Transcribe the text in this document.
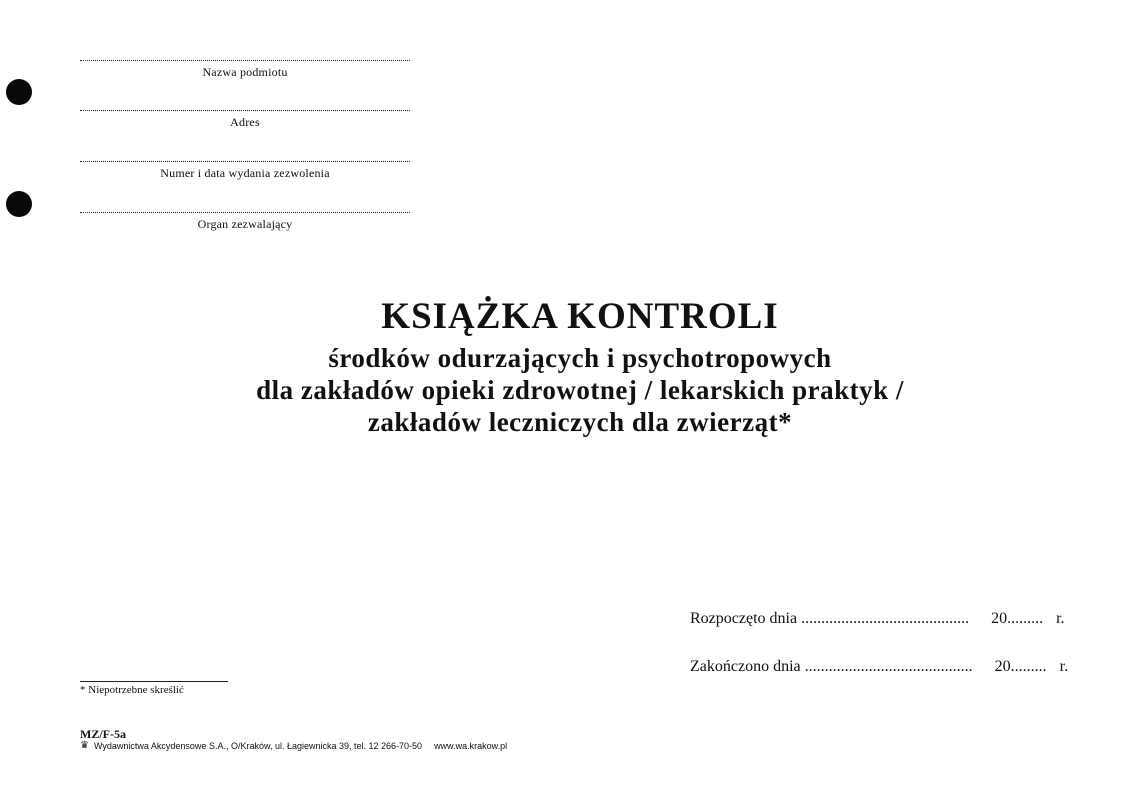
Nazwa podmiotu
Adres
Numer i data wydania zezwolenia
Organ zezwalający
KSIĄŻKA KONTROLI
środków odurzających i psychotropowych
dla zakładów opieki zdrowotnej / lekarskich praktyk /
zakładów leczniczych dla zwierząt*
Rozpoczęto dnia .......................................... 20......... r.
Zakończono dnia .......................................... 20......... r.
* Niepotrzebne skreślić
MZ/F-5a
♛ Wydawnictwa Akcydensowe S.A., O/Kraków, ul. Łagiewnicka 39, tel. 12 266-70-50 www.wa.krakow.pl
